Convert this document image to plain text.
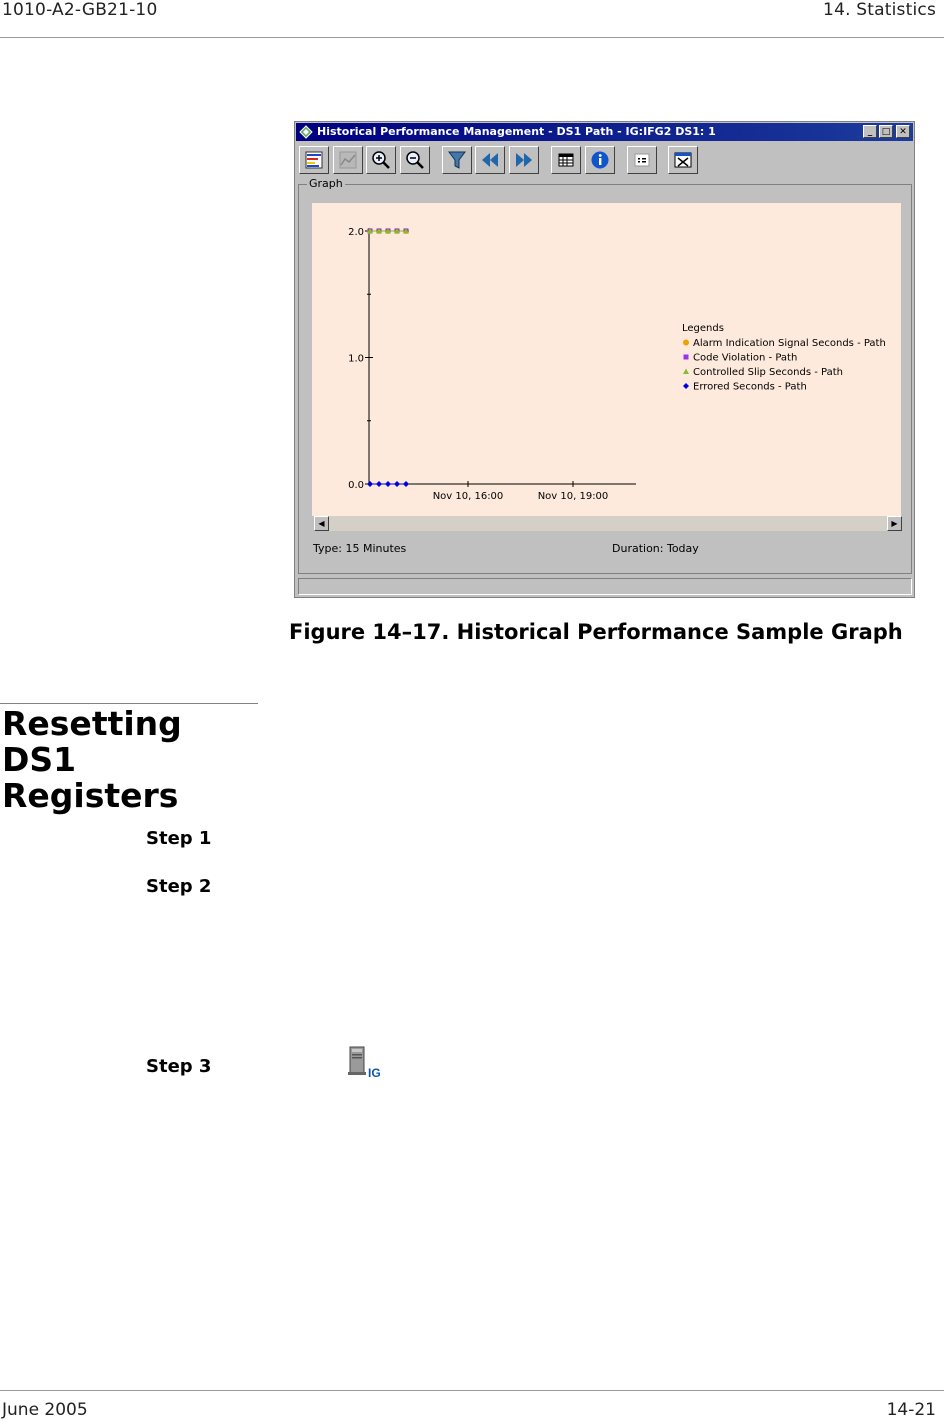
1010-A2-GB21-10	14. Statistics
Historical Performance Management - DS1 Path - IG:IFG2 DS1: 1	_	□ ✕
Graph
0.0
1.0
2.0
Nov 10, 16:00	Nov 10, 19:00
Legends
Alarm Indication Signal Seconds - Path
Code Violation - Path
Controlled Slip Seconds - Path
Errored Seconds - Path
◀	▶
Type: 15 Minutes	Duration: Today
Figure 14–17. Historical Performance Sample Graph
Resetting DS1 Registers
Step 1
Step 2
Step 3	IG
June 2005	14-21
